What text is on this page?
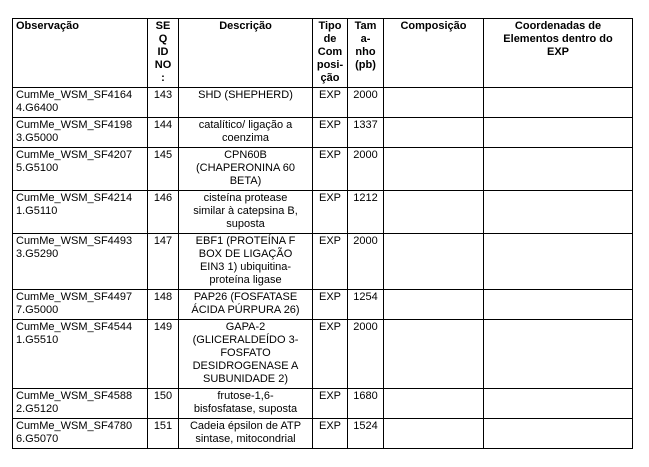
Observação	SE
Q
ID
NO
:	Descrição	Tipo
de
Com
posi-
ção	Tam
a-
nho
(pb)	Composição	Coordenadas de
Elementos dentro do
EXP
CumMe_WSM_SF4164
4.G6400	143	SHD (SHEPHERD)	EXP	2000		
CumMe_WSM_SF4198
3.G5000	144	catalítico/ ligação a
coenzima	EXP	1337		
CumMe_WSM_SF4207
5.G5100	145	CPN60B
(CHAPERONINA 60
BETA)	EXP	2000		
CumMe_WSM_SF4214
1.G5110	146	cisteína protease
similar à catepsina B,
suposta	EXP	1212		
CumMe_WSM_SF4493
3.G5290	147	EBF1 (PROTEÍNA F
BOX DE LIGAÇÃO
EIN3 1) ubiquitina-
proteína ligase	EXP	2000		
CumMe_WSM_SF4497
7.G5000	148	PAP26 (FOSFATASE
ÁCIDA PÚRPURA 26)	EXP	1254		
CumMe_WSM_SF4544
1.G5510	149	GAPA-2
(GLICERALDEÍDO 3-
FOSFATO
DESIDROGENASE A
SUBUNIDADE 2)	EXP	2000		
CumMe_WSM_SF4588
2.G5120	150	frutose-1,6-
bisfosfatase, suposta	EXP	1680		
CumMe_WSM_SF4780
6.G5070	151	Cadeia épsilon de ATP
sintase, mitocondrial	EXP	1524		
